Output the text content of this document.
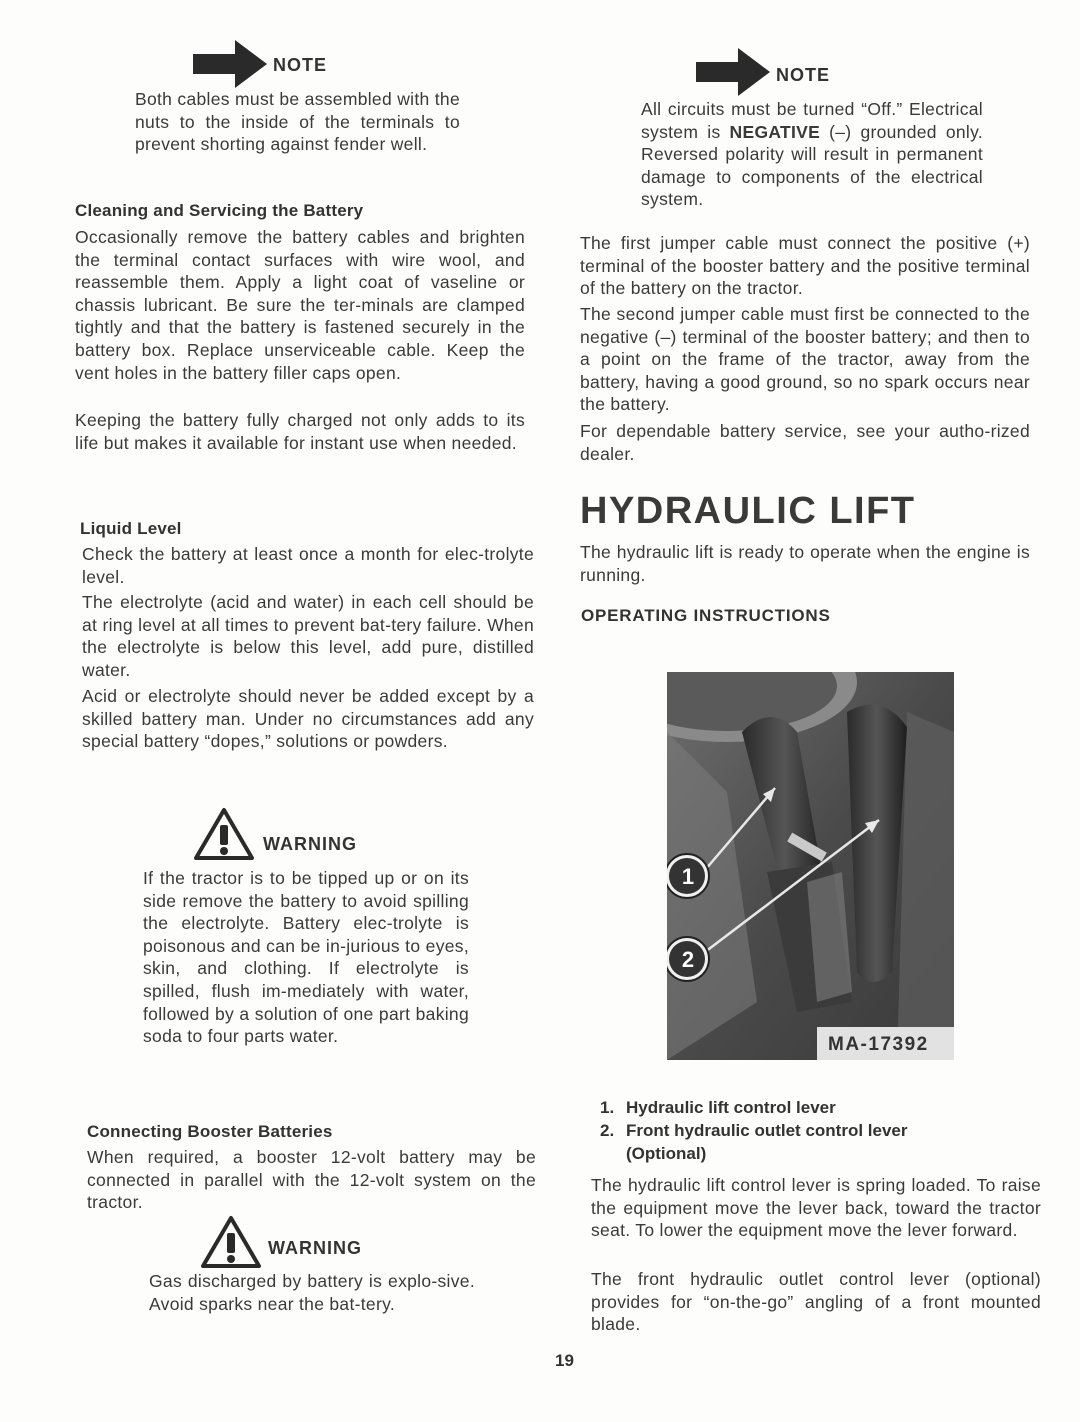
NOTE

Both cables must be assembled with the nuts to the inside of the terminals to prevent shorting against fender well.

Cleaning and Servicing the Battery

Occasionally remove the battery cables and brighten the terminal contact surfaces with wire wool, and reassemble them. Apply a light coat of vaseline or chassis lubricant. Be sure the ter-minals are clamped tightly and that the battery is fastened securely in the battery box. Replace unserviceable cable. Keep the vent holes in the battery filler caps open.

Keeping the battery fully charged not only adds to its life but makes it available for instant use when needed.

Liquid Level

Check the battery at least once a month for elec-trolyte level.

The electrolyte (acid and water) in each cell should be at ring level at all times to prevent bat-tery failure. When the electrolyte is below this level, add pure, distilled water.

Acid or electrolyte should never be added except by a skilled battery man. Under no circumstances add any special battery “dopes,” solutions or powders.

WARNING

If the tractor is to be tipped up or on its side remove the battery to avoid spilling the electrolyte. Battery elec-trolyte is poisonous and can be in-jurious to eyes, skin, and clothing. If electrolyte is spilled, flush im-mediately with water, followed by a solution of one part baking soda to four parts water.

Connecting Booster Batteries

When required, a booster 12-volt battery may be connected in parallel with the 12-volt system on the tractor.

WARNING

Gas discharged by battery is explo-sive. Avoid sparks near the bat-tery.

NOTE

All circuits must be turned “Off.” Electrical system is NEGATIVE (–) grounded only. Reversed polarity will result in permanent damage to components of the electrical system.

The first jumper cable must connect the positive (+) terminal of the booster battery and the positive terminal of the battery on the tractor.

The second jumper cable must first be connected to the negative (–) terminal of the booster battery; and then to a point on the frame of the tractor, away from the battery, having a good ground, so no spark occurs near the battery.

For dependable battery service, see your autho-rized dealer.

HYDRAULIC LIFT

The hydraulic lift is ready to operate when the engine is running.

OPERATING INSTRUCTIONS
1
2
MA-17392
1. Hydraulic lift control lever
2. Front hydraulic outlet control lever (Optional)

The hydraulic lift control lever is spring loaded. To raise the equipment move the lever back, toward the tractor seat. To lower the equipment move the lever forward.

The front hydraulic outlet control lever (optional) provides for “on-the-go” angling of a front mounted blade.

19
